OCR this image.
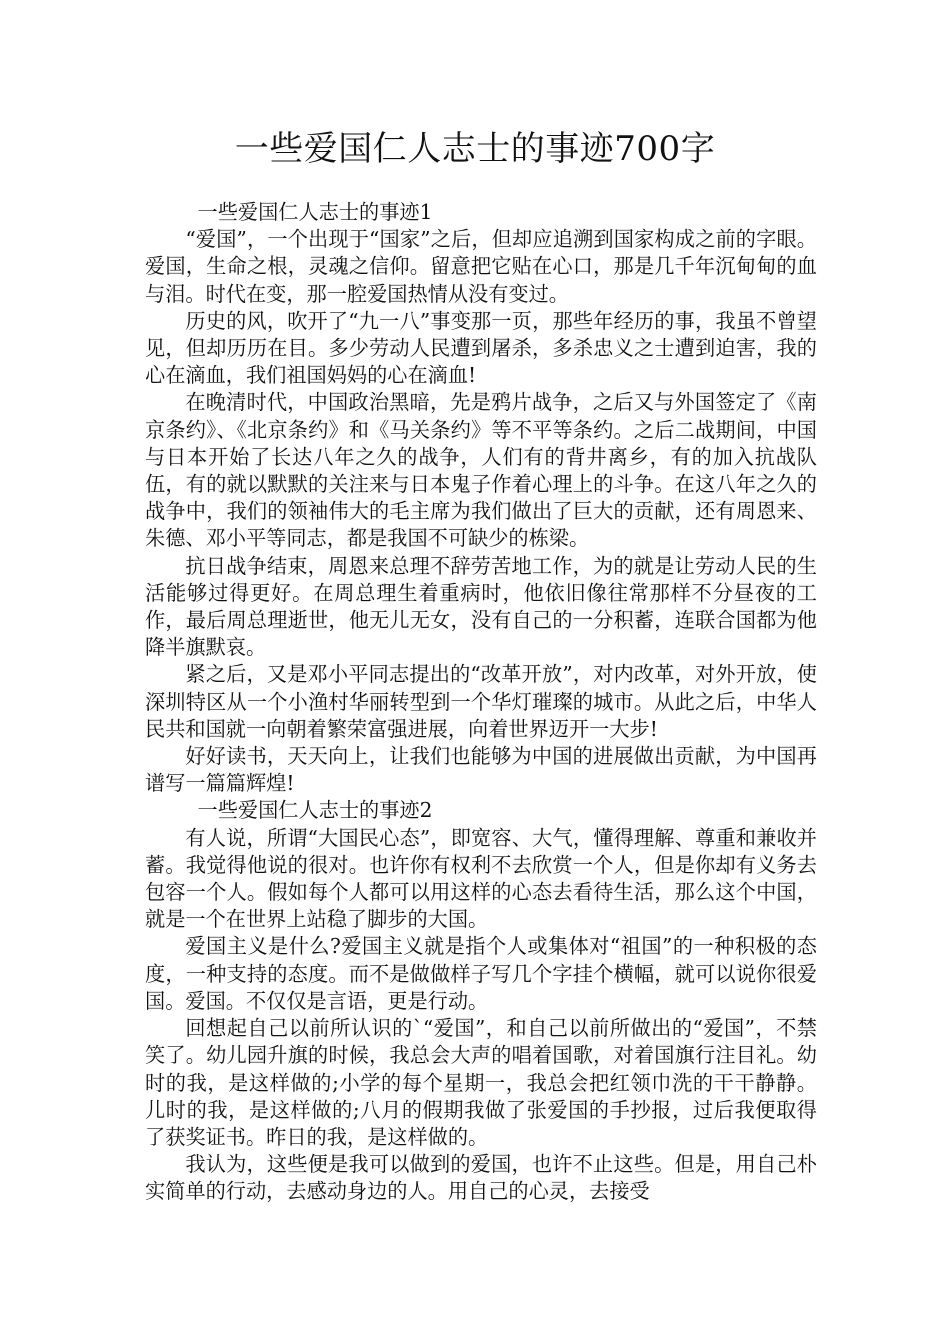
一些爱国仁人志士的事迹700字

一些爱国仁人志士的事迹1

“爱国”，一个出现于“国家”之后，但却应追溯到国家构成之前的字眼。爱国，生命之根，灵魂之信仰。留意把它贴在心口，那是几千年沉甸甸的血与泪。时代在变，那一腔爱国热情从没有变过。

历史的风，吹开了“九一八”事变那一页，那些年经历的事，我虽不曾望见，但却历历在目。多少劳动人民遭到屠杀，多杀忠义之士遭到迫害，我的心在滴血，我们祖国妈妈的心在滴血!

在晚清时代，中国政治黑暗，先是鸦片战争，之后又与外国签定了《南京条约》、《北京条约》和《马关条约》等不平等条约。之后二战期间，中国与日本开始了长达八年之久的战争，人们有的背井离乡，有的加入抗战队伍，有的就以默默的关注来与日本鬼子作着心理上的斗争。在这八年之久的战争中，我们的领袖伟大的毛主席为我们做出了巨大的贡献，还有周恩来、朱德、邓小平等同志，都是我国不可缺少的栋梁。

抗日战争结束，周恩来总理不辞劳苦地工作，为的就是让劳动人民的生活能够过得更好。在周总理生着重病时，他依旧像往常那样不分昼夜的工作，最后周总理逝世，他无儿无女，没有自己的一分积蓄，连联合国都为他降半旗默哀。

紧之后，又是邓小平同志提出的“改革开放”，对内改革，对外开放，使深圳特区从一个小渔村华丽转型到一个华灯璀璨的城市。从此之后，中华人民共和国就一向朝着繁荣富强进展，向着世界迈开一大步!

好好读书，天天向上，让我们也能够为中国的进展做出贡献，为中国再谱写一篇篇辉煌!

一些爱国仁人志士的事迹2

有人说，所谓“大国民心态”，即宽容、大气，懂得理解、尊重和兼收并蓄。我觉得他说的很对。也许你有权利不去欣赏一个人，但是你却有义务去包容一个人。假如每个人都可以用这样的心态去看待生活，那么这个中国，就是一个在世界上站稳了脚步的大国。

爱国主义是什么?爱国主义就是指个人或集体对“祖国”的一种积极的态度，一种支持的态度。而不是做做样子写几个字挂个横幅，就可以说你很爱国。爱国。不仅仅是言语，更是行动。

回想起自己以前所认识的`“爱国”，和自己以前所做出的“爱国”，不禁笑了。幼儿园升旗的时候，我总会大声的唱着国歌，对着国旗行注目礼。幼时的我，是这样做的;小学的每个星期一，我总会把红领巾洗的干干静静。儿时的我，是这样做的;八月的假期我做了张爱国的手抄报，过后我便取得了获奖证书。昨日的我，是这样做的。

我认为，这些便是我可以做到的爱国，也许不止这些。但是，用自己朴实简单的行动，去感动身边的人。用自己的心灵，去接受
